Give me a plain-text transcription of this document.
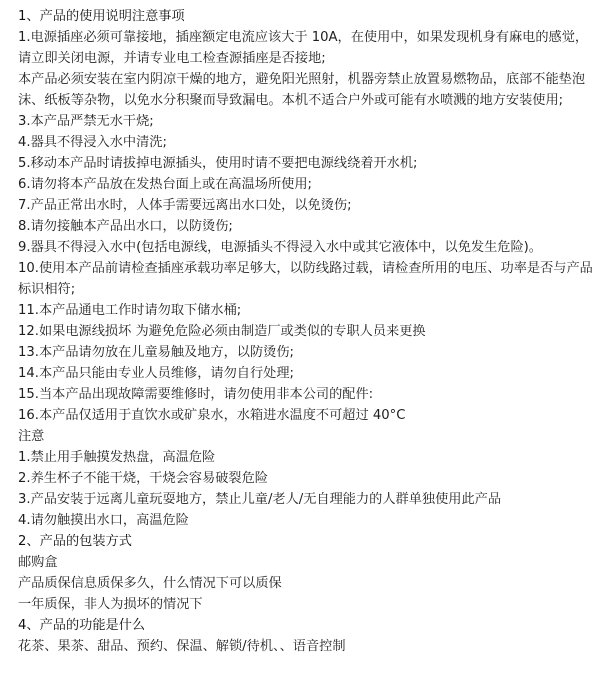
1、产品的使用说明注意事项

1.电源插座必须可靠接地，插座额定电流应该大于 10A，在使用中，如果发现机身有麻电的感觉，请立即关闭电源，并请专业电工检查源插座是否接地;

本产品必须安装在室内阴凉干燥的地方，避免阳光照射，机器旁禁止放置易燃物品，底部不能垫泡沫、纸板等杂物，以免水分积聚而导致漏电。本机不适合户外或可能有水喷溅的地方安装使用;

3.本产品严禁无水干烧;

4.器具不得浸入水中清洗;

5.移动本产品时请拔掉电源插头，使用时请不要把电源线绕着开水机;

6.请勿将本产品放在发热台面上或在高温场所使用;

7.产品正常出水时，人体手需要远离出水口处，以免烫伤;

8.请勿接触本产品出水口，以防烫伤;

9.器具不得浸入水中(包括电源线，电源插头不得浸入水中或其它液体中，以免发生危险)。

10.使用本产品前请检查插座承载功率足够大，以防线路过载，请检查所用的电压、功率是否与产品标识相符;

11.本产品通电工作时请勿取下储水桶;

12.如果电源线损坏 为避免危险必须由制造厂或类似的专职人员来更换

13.本产品请勿放在儿童易触及地方，以防烫伤;

14.本产品只能由专业人员维修，请勿自行处理;

15.当本产品出现故障需要维修时，请勿使用非本公司的配件:

16.本产品仅适用于直饮水或矿泉水，水箱进水温度不可超过 40°C

注意

1.禁止用手触摸发热盘，高温危险

2.养生杯子不能干烧，干烧会容易破裂危险

3.产品安装于远离儿童玩耍地方，禁止儿童/老人/无自理能力的人群单独使用此产品

4.请勿触摸出水口，高温危险

2、产品的包装方式

邮购盒

产品质保信息质保多久，什么情况下可以质保

一年质保，非人为损坏的情况下

4、产品的功能是什么

花茶、果茶、甜品、预约、保温、解锁/待机、、语音控制
